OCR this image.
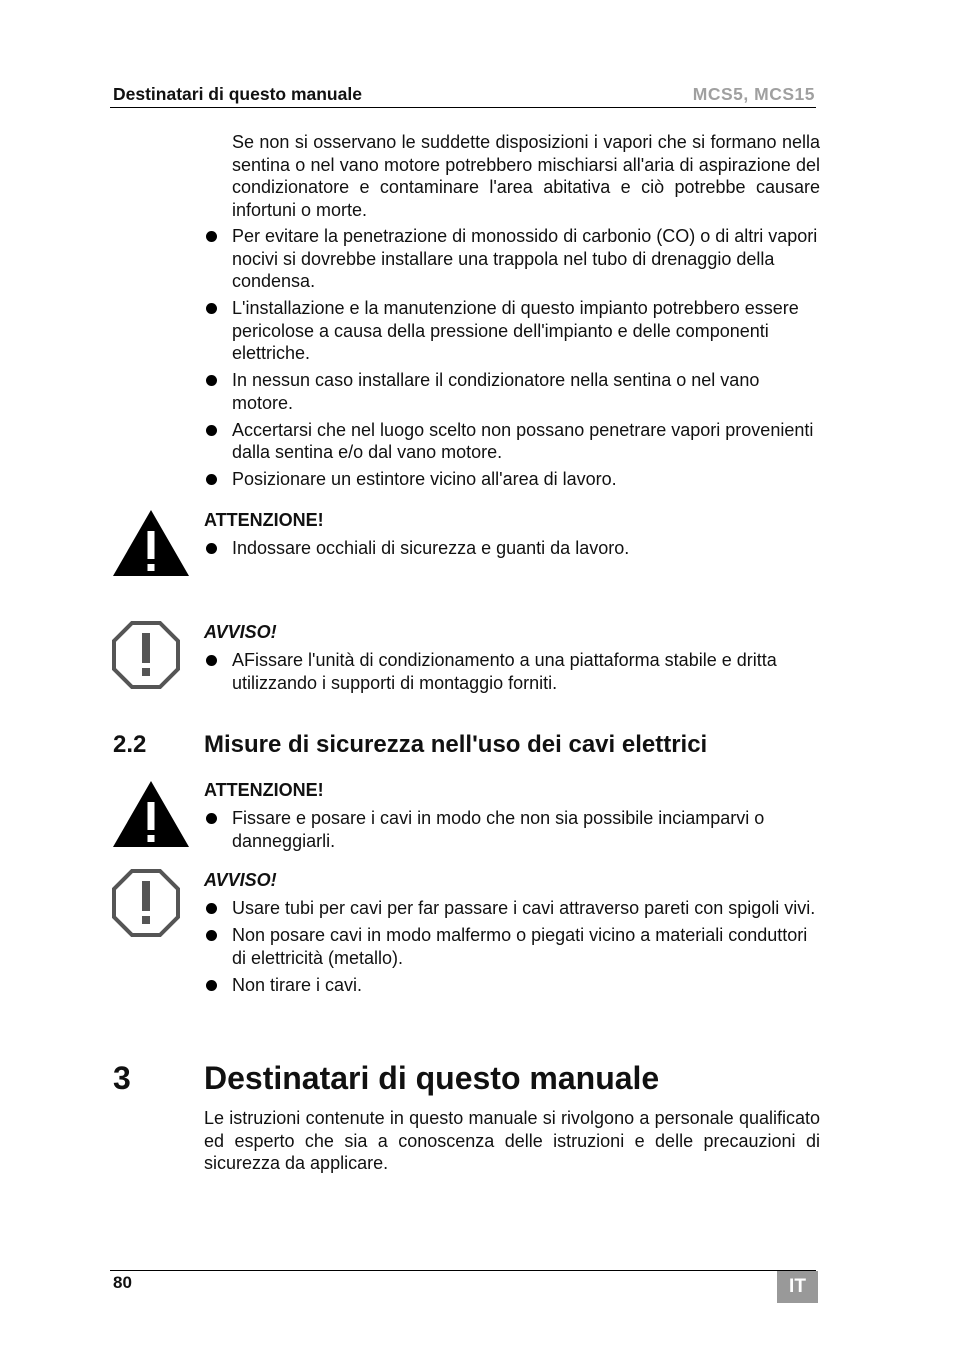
Destinatari di questo manuale	MCS5, MCS15
Se non si osservano le suddette disposizioni i vapori che si formano nella sentina o nel vano motore potrebbero mischiarsi all'aria di aspirazione del condizionatore e contaminare l'area abitativa e ciò potrebbe causare infortuni o morte.
Per evitare la penetrazione di monossido di carbonio (CO) o di altri vapori nocivi si dovrebbe installare una trappola nel tubo di drenaggio della condensa.
L'installazione e la manutenzione di questo impianto potrebbero essere pericolose a causa della pressione dell'impianto e delle componenti elettriche.
In nessun caso installare il condizionatore nella sentina o nel vano motore.
Accertarsi che nel luogo scelto non possano penetrare vapori provenienti dalla sentina e/o dal vano motore.
Posizionare un estintore vicino all'area di lavoro.
ATTENZIONE!
Indossare occhiali di sicurezza e guanti da lavoro.
AVVISO!
AFissare l'unità di condizionamento a una piattaforma stabile e dritta utilizzando i supporti di montaggio forniti.
2.2 Misure di sicurezza nell'uso dei cavi elettrici
ATTENZIONE!
Fissare e posare i cavi in modo che non sia possibile inciamparvi o danneggiarli.
AVVISO!
Usare tubi per cavi per far passare i cavi attraverso pareti con spigoli vivi.
Non posare cavi in modo malfermo o piegati vicino a materiali conduttori di elettricità (metallo).
Non tirare i cavi.
3 Destinatari di questo manuale
Le istruzioni contenute in questo manuale si rivolgono a personale qualificato ed esperto che sia a conoscenza delle istruzioni e delle precauzioni di sicurezza da applicare.
80	IT
